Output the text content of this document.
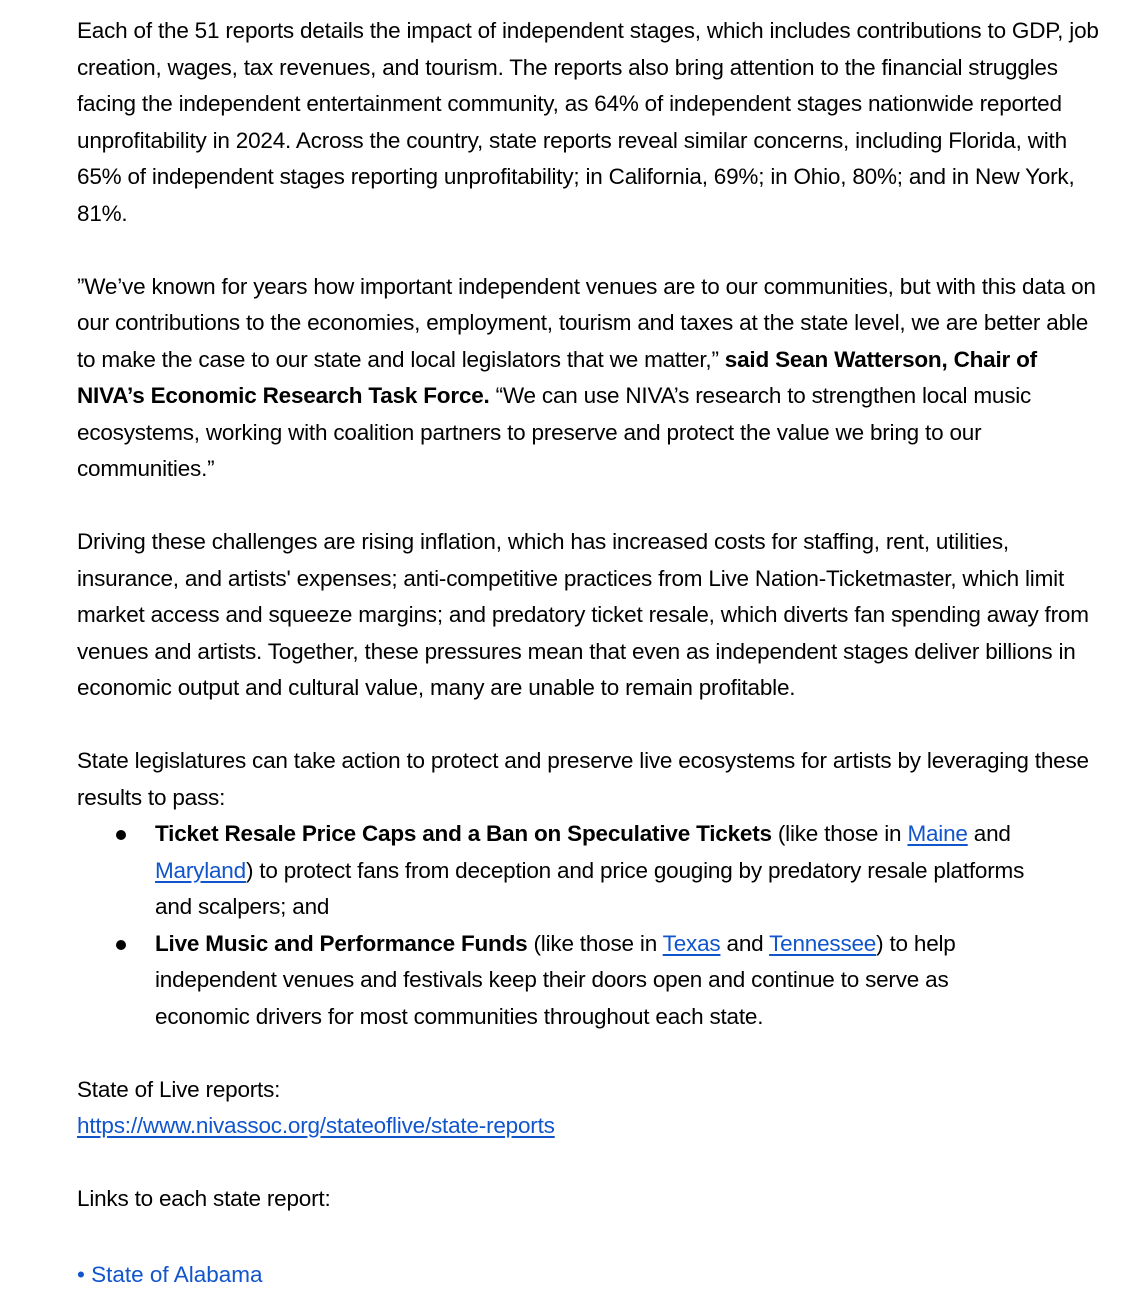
Each of the 51 reports details the impact of independent stages, which includes contributions to GDP, job creation, wages, tax revenues, and tourism. The reports also bring attention to the financial struggles facing the independent entertainment community, as 64% of independent stages nationwide reported unprofitability in 2024. Across the country, state reports reveal similar concerns, including Florida, with 65% of independent stages reporting unprofitability; in California, 69%; in Ohio, 80%; and in New York, 81%.

”We’ve known for years how important independent venues are to our communities, but with this data on our contributions to the economies, employment, tourism and taxes at the state level, we are better able to make the case to our state and local legislators that we matter,” said Sean Watterson, Chair of NIVA’s Economic Research Task Force. “We can use NIVA’s research to strengthen local music ecosystems, working with coalition partners to preserve and protect the value we bring to our communities.”

Driving these challenges are rising inflation, which has increased costs for staffing, rent, utilities, insurance, and artists' expenses; anti-competitive practices from Live Nation-Ticketmaster, which limit market access and squeeze margins; and predatory ticket resale, which diverts fan spending away from venues and artists. Together, these pressures mean that even as independent stages deliver billions in economic output and cultural value, many are unable to remain profitable.

State legislatures can take action to protect and preserve live ecosystems for artists by leveraging these results to pass:

Ticket Resale Price Caps and a Ban on Speculative Tickets (like those in Maine and Maryland) to protect fans from deception and price gouging by predatory resale platforms and scalpers; and
Live Music and Performance Funds (like those in Texas and Tennessee) to help independent venues and festivals keep their doors open and continue to serve as economic drivers for most communities throughout each state.

State of Live reports:
https://www.nivassoc.org/stateoflive/state-reports

Links to each state report:

• State of Alabama
